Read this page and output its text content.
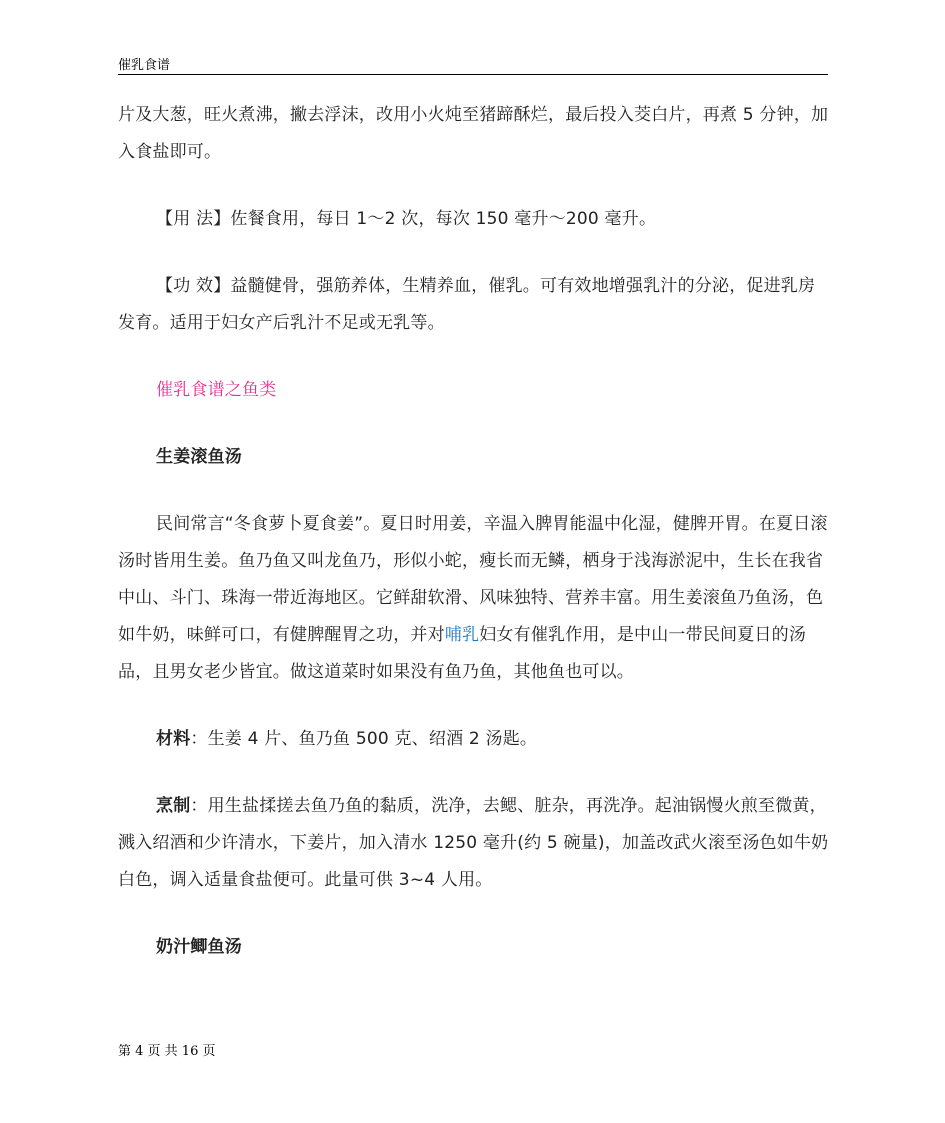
催乳食谱

片及大葱，旺火煮沸，撇去浮沫，改用小火炖至猪蹄酥烂，最后投入茭白片，再煮 5 分钟，加入食盐即可。

【用 法】佐餐食用，每日 1～2 次，每次 150 毫升～200 毫升。

【功 效】益髓健骨，强筋养体，生精养血，催乳。可有效地增强乳汁的分泌，促进乳房发育。适用于妇女产后乳汁不足或无乳等。

催乳食谱之鱼类

生姜滚鱼汤

民间常言“冬食萝卜夏食姜”。夏日时用姜，辛温入脾胃能温中化湿，健脾开胃。在夏日滚汤时皆用生姜。鱼乃鱼又叫龙鱼乃，形似小蛇，瘦长而无鳞，栖身于浅海淤泥中，生长在我省中山、斗门、珠海一带近海地区。它鲜甜软滑、风味独特、营养丰富。用生姜滚鱼乃鱼汤，色如牛奶，味鲜可口，有健脾醒胃之功，并对哺乳妇女有催乳作用，是中山一带民间夏日的汤品，且男女老少皆宜。做这道菜时如果没有鱼乃鱼，其他鱼也可以。

材料：生姜 4 片、鱼乃鱼 500 克、绍酒 2 汤匙。

烹制：用生盐揉搓去鱼乃鱼的黏质，洗净，去鳃、脏杂，再洗净。起油锅慢火煎至微黄，溅入绍酒和少许清水，下姜片，加入清水 1250 毫升(约 5 碗量)，加盖改武火滚至汤色如牛奶白色，调入适量食盐便可。此量可供 3~4 人用。

奶汁鲫鱼汤

第 4 页 共 16 页
